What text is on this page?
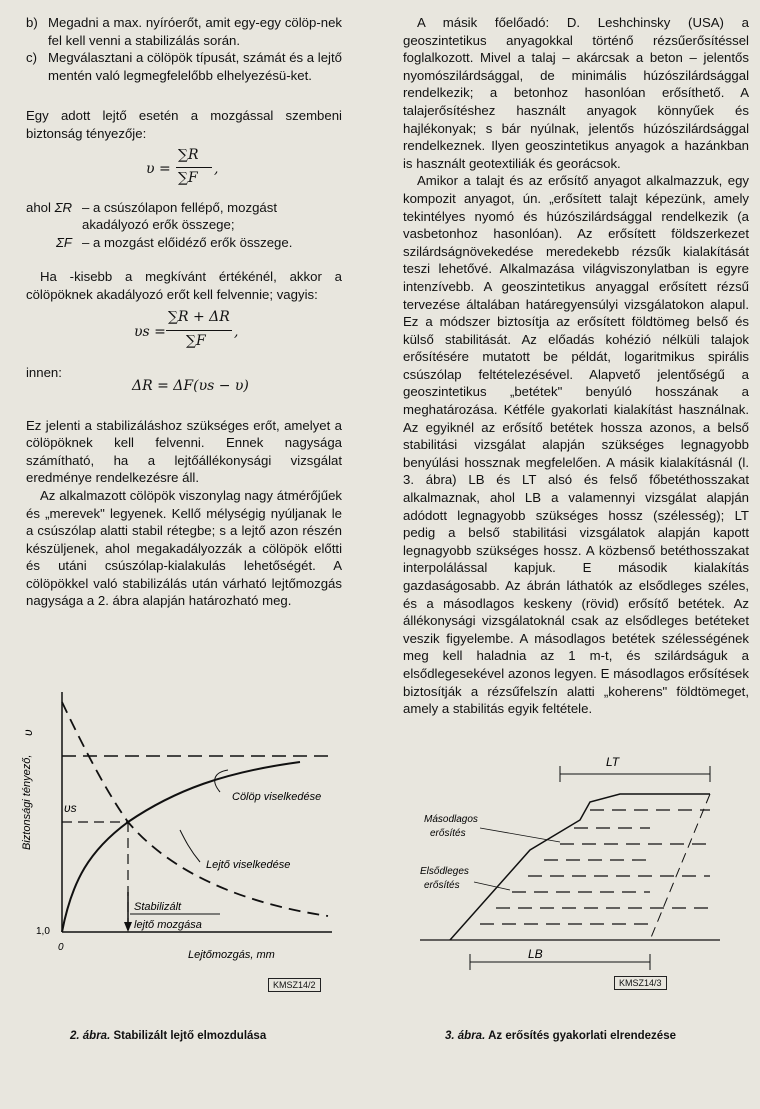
b) Megadni a max. nyíróerőt, amit egy-egy cölöp-nek fel kell venni a stabilizálás során.
c) Megválasztani a cölöpök típusát, számát és a lejtő mentén való legmegfelelőbb elhelyezésü-ket.

Egy adott lejtő esetén a mozgással szembeni biztonság tényezője:

υ =
∑R
∑F
,
ahol ΣR – a csúszólapon fellépő, mozgást akadályozó erők összege;
ΣF – a mozgást előidéző erők összege.

Ha -kisebb a megkívánt értékénél, akkor a cölöpöknek akadályozó erőt kell felvennie; vagyis:

υs =
∑R + ΔR
∑F
,
innen:
ΔR = ΔF(υs − υ)

Ez jelenti a stabilizáláshoz szükséges erőt, amelyet a cölöpöknek kell felvenni. Ennek nagysága számítható, ha a lejtőállékonysági vizsgálat eredménye rendelkezésre áll.

Az alkalmazott cölöpök viszonylag nagy átmérőjűek és „merevek" legyenek. Kellő mélységig nyúljanak le a csúszólap alatti stabil rétegbe; s a lejtő azon részén készüljenek, ahol megakadályozzák a cölöpök előtti és utáni csúszólap-kialakulás lehetőségét. A cölöpökkel való stabilizálás után várható lejtőmozgás nagysága a 2. ábra alapján határozható meg.

A másik főelőadó: D. Leshchinsky (USA) a geoszintetikus anyagokkal történő rézsűerősítéssel foglalkozott. Mivel a talaj – akárcsak a beton – jelentős nyomószilárdsággal, de minimális húzószilárdsággal rendelkezik; a betonhoz hasonlóan erősíthető. A talajerősítéshez használt anyagok könnyűek és hajlékonyak; s bár nyúlnak, jelentős húzószilárdsággal rendelkeznek. Ilyen geoszintetikus anyagok a hazánkban is használt geotextiliák és georácsok.

Amikor a talajt és az erősítő anyagot alkalmazzuk, egy kompozit anyagot, ún. „erősített talajt képezünk, amely tekintélyes nyomó és húzószilárdsággal rendelkezik (a vasbetonhoz hasonlóan). Az erősített földszerkezet szilárdságnövekedése meredekebb rézsűk kialakítását teszi lehetővé. Alkalmazása világviszonylatban is egyre intenzívebb. A geoszintetikus anyaggal erősített rézsű tervezése általában határegyensúlyi vizsgálatokon alapul. Ez a módszer biztosítja az erősített földtömeg belső és külső stabilitását. Az előadás kohézió nélküli talajok erősítésére mutatott be példát, logaritmikus spirális csúszólap feltételezésével. Alapvető jelentőségű a geoszintetikus „betétek" benyúló hosszának a meghatározása. Kétféle gyakorlati kialakítást használnak. Az egyiknél az erősítő betétek hossza azonos, a belső stabilitási vizsgálat alapján szükséges legnagyobb benyúlási hossznak megfelelően. A másik kialakításnál (l. 3. ábra) LB és LT alsó és felső főbetéthosszakat alkalmaznak, ahol LB a valamennyi vizsgálat alapján adódott legnagyobb szükséges hossz (szélesség); LT pedig a belső stabilitási vizsgálatok alapján kapott legnagyobb szükséges hossz. A közbenső betéthosszakat interpolálással kapjuk. E második kialakítás gazdaságosabb. Az ábrán láthatók az elsődleges széles, és a másodlagos keskeny (rövid) erősítő betétek. Az állékonysági vizsgálatoknál csak az elsődleges betéteket veszik figyelembe. A másodlagos betétek szélességének meg kell haladnia az 1 m-t, és szilárdságuk a elsődlegesekével azonos legyen. E másodlagos erősítések biztosítják a rézsűfelszín alatti „koherens" földtömeget, amely a stabilitás egyik feltétele.

Biztonsági tényező,
υ
υs
1,0
0
Lejtőmozgás, mm
Cölöp viselkedése
Lejtő viselkedése
Stabilizált
lejtő mozgása
KMSZ14/2
2. ábra. Stabilizált lejtő elmozdulása
LT
LB
Másodlagos
erősítés
Elsődleges
erősítés
KMSZ14/3
3. ábra. Az erősítés gyakorlati elrendezése
